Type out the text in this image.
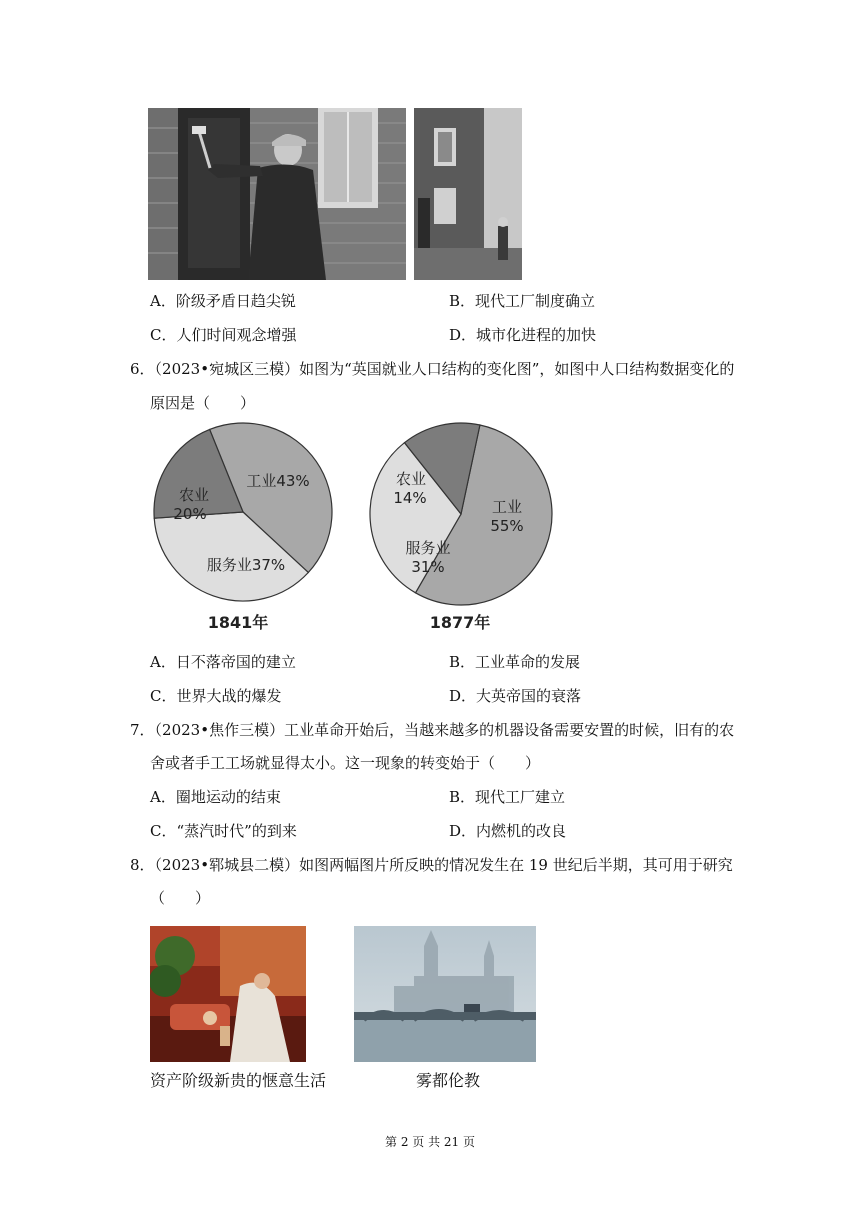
A．阶级矛盾日趋尖锐	B．现代工厂制度确立
C．人们时间观念增强	D．城市化进程的加快
6．（2023•宛城区三模）如图为“英国就业人口结构的变化图”，如图中人口结构数据变化的
原因是（　　）
工业43%
服务业37%
农业
20%
1841年
农业
14%	工业
55%
服务业
31%
1877年
A．日不落帝国的建立	B．工业革命的发展
C．世界大战的爆发	D．大英帝国的衰落
7．（2023•焦作三模）工业革命开始后，当越来越多的机器设备需要安置的时候，旧有的农
舍或者手工工场就显得太小。这一现象的转变始于（　　）
A．圈地运动的结束	B．现代工厂建立
C．“蒸汽时代”的到来	D．内燃机的改良
8．（2023•郓城县二模）如图两幅图片所反映的情况发生在 19 世纪后半期，其可用于研究
（　　）
资产阶级新贵的惬意生活	雾都伦教
第 2 页 共 21 页
